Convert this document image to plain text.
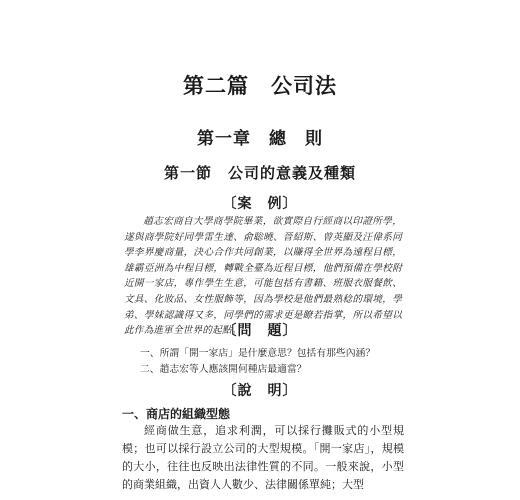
第二篇　公司法
第一章　總　則
第一節　公司的意義及種類
〔案　例〕

趙志宏商自大學商學院畢業，欲實際自行經商以印證所學，遂與商學院好同學雷生達、俞聡曉、晉紹斯、曾英顯及汪偉系同學李界慶商量，決心合作共同創業，以賺得全世界為遠程目標，雄霸亞洲為中程目標，轉戰全臺為近程目標，他們預備在學校附近開一家店，專作學生生意，可能包括有書籍、班服衣服餐飲、文具、化妝品、女性服飾等，因為學校是他們最熟稔的環境，學弟、學妹認識得又多，同學們的需求更是瞭若指掌，所以希望以此作為進軍全世界的起點。

〔問　題〕
一、所謂「開一家店」是什麼意思？包括有那些內涵？
二、趙志宏等人應該開何種店最適當？
〔說　明〕
一、商店的組織型態

經商做生意，追求利潤，可以採行攤販式的小型規模；也可以採行設立公司的大型規模。「開一家店」，規模的大小，往往也反映出法律性質的不同。一般來說，小型的商業組織，出資人人數少、法律關係單純；大型
